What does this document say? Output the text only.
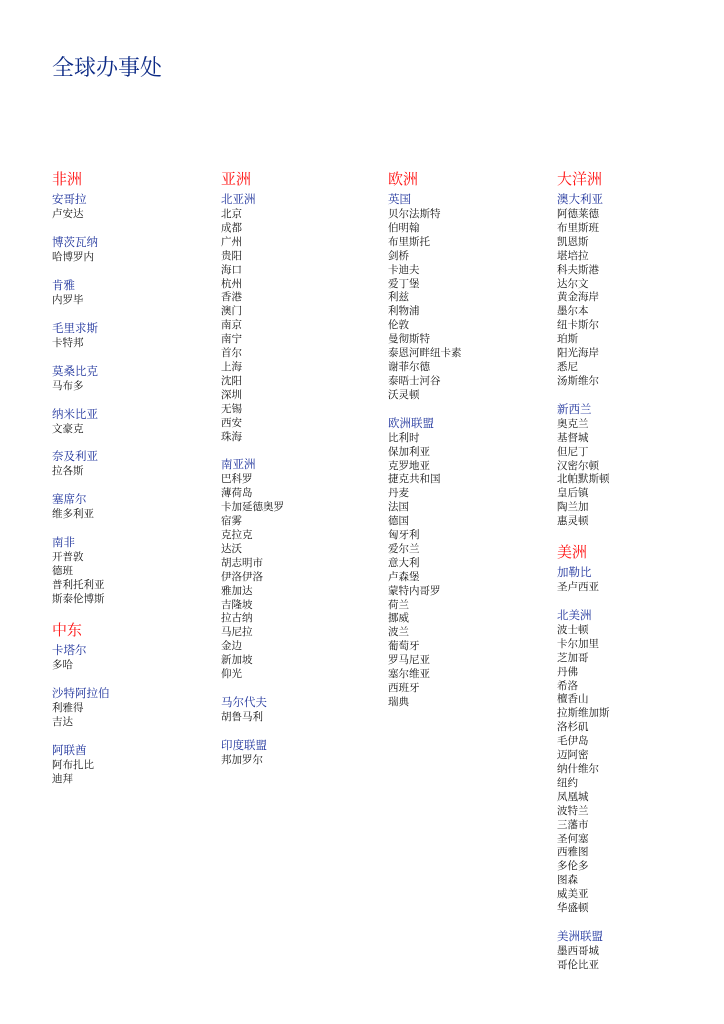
全球办事处
非洲
安哥拉
卢安达
博茨瓦纳
哈博罗内
肯雅
内罗毕
毛里求斯
卡特邦
莫桑比克
马布多
纳米比亚
文豪克
奈及利亚
拉各斯
塞席尔
维多利亚
南非
开普敦
德班
普利托利亚
斯泰伦博斯
中东
卡塔尔
多哈
沙特阿拉伯
利雅得
吉达
阿联酋
阿布扎比
迪拜
亚洲
北亚洲
北京
成都
广州
贵阳
海口
杭州
香港
澳门
南京
南宁
首尔
上海
沈阳
深圳
无锡
西安
珠海
南亚洲
巴科罗
薄荷岛
卡加延德奥罗
宿雾
克拉克
达沃
胡志明市
伊洛伊洛
雅加达
吉隆坡
拉古纳
马尼拉
金边
新加坡
仰光
马尔代夫
胡鲁马利
印度联盟
邦加罗尔
欧洲
英国
贝尔法斯特
伯明翰
布里斯托
剑桥
卡迪夫
爱丁堡
利兹
利物浦
伦敦
曼彻斯特
泰恩河畔纽卡素
谢菲尔德
泰晤士河谷
沃灵顿
欧洲联盟
比利时
保加利亚
克罗地亚
捷克共和国
丹麦
法国
德国
匈牙利
爱尔兰
意大利
卢森堡
蒙特内哥罗
荷兰
挪威
波兰
葡萄牙
罗马尼亚
塞尔维亚
西班牙
瑞典
大洋洲
澳大利亚
阿德莱德
布里斯班
凯恩斯
堪培拉
科夫斯港
达尔文
黄金海岸
墨尔本
纽卡斯尔
珀斯
阳光海岸
悉尼
汤斯维尔
新西兰
奥克兰
基督城
但尼丁
汉密尔顿
北帕默斯顿
皇后镇
陶兰加
惠灵顿
美洲
加勒比
圣卢西亚
北美洲
波士顿
卡尔加里
芝加哥
丹佛
希洛
檀香山
拉斯维加斯
洛杉矶
毛伊岛
迈阿密
纳什维尔
纽约
凤凰城
波特兰
三藩市
圣何塞
西雅图
多伦多
图森
威美亚
华盛顿
美洲联盟
墨西哥城
哥伦比亚
